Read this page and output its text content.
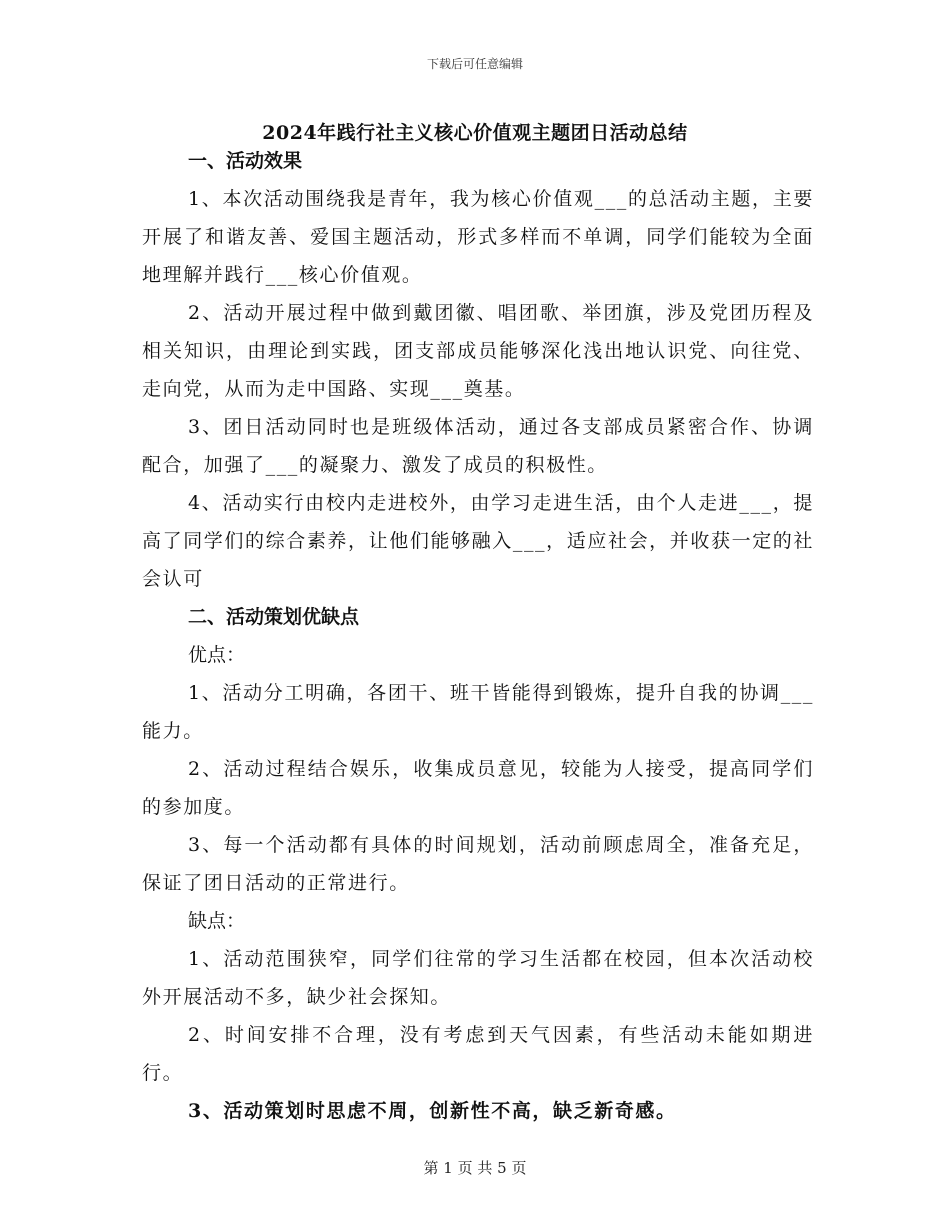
下载后可任意编辑
2024年践行社主义核心价值观主题团日活动总结
一、活动效果

1、本次活动围绕我是青年，我为核心价值观___的总活动主题，主要开展了和谐友善、爱国主题活动，形式多样而不单调，同学们能较为全面地理解并践行___核心价值观。

2、活动开展过程中做到戴团徽、唱团歌、举团旗，涉及党团历程及相关知识，由理论到实践，团支部成员能够深化浅出地认识党、向往党、走向党，从而为走中国路、实现___奠基。

3、团日活动同时也是班级体活动，通过各支部成员紧密合作、协调配合，加强了___的凝聚力、激发了成员的积极性。

4、活动实行由校内走进校外，由学习走进生活，由个人走进___，提高了同学们的综合素养，让他们能够融入___，适应社会，并收获一定的社会认可

二、活动策划优缺点
优点：

1、活动分工明确，各团干、班干皆能得到锻炼，提升自我的协调___能力。

2、活动过程结合娱乐，收集成员意见，较能为人接受，提高同学们的参加度。

3、每一个活动都有具体的时间规划，活动前顾虑周全，准备充足，保证了团日活动的正常进行。

缺点：

1、活动范围狭窄，同学们往常的学习生活都在校园，但本次活动校外开展活动不多，缺少社会探知。

2、时间安排不合理，没有考虑到天气因素，有些活动未能如期进行。

3、活动策划时思虑不周，创新性不高，缺乏新奇感。

第 1 页 共 5 页
